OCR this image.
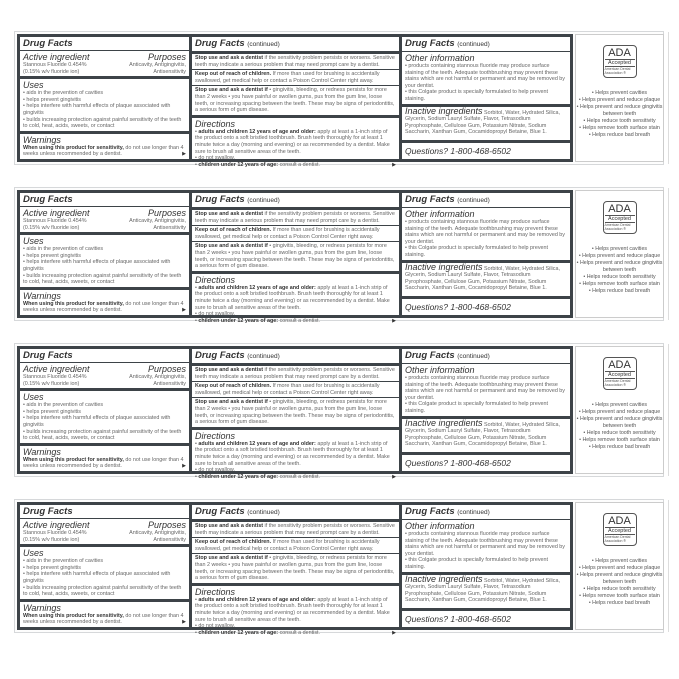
Drug Facts
Active ingredient	Purposes

Stannous Fluoride 0.454%	Anticavity, Antigingivitis,

(0.15% w/v fluoride ion)	Antisensitivity

Uses
• aids in the prevention of cavities
• helps prevent gingivitis
• helps interfere with harmful effects of plaque associated with gingivitis
• builds increasing protection against painful sensitivity of the teeth to cold, heat, acids, sweets, or contact
Warnings

When using this product for sensitivity, do not use longer than 4 weeks unless recommended by a dentist.	▶

Drug Facts (continued)

Stop use and ask a dentist if the sensitivity problem persists or worsens. Sensitive teeth may indicate a serious problem that may need prompt care by a dentist.

Keep out of reach of children. If more than used for brushing is accidentally swallowed, get medical help or contact a Poison Control Center right away.

Stop use and ask a dentist if • gingivitis, bleeding, or redness persists for more than 2 weeks • you have painful or swollen gums, pus from the gum line, loose teeth, or increasing spacing between the teeth. These may be signs of periodontitis, a serious form of gum disease.

Directions
• adults and children 12 years of age and older: apply at least a 1-inch strip of the product onto a soft bristled toothbrush. Brush teeth thoroughly for at least 1 minute twice a day (morning and evening) or as recommended by a dentist. Make sure to brush all sensitive areas of the teeth.
• do not swallow.
• children under 12 years of age: consult a dentist.	▶
Drug Facts (continued)
Other information
• products containing stannous fluoride may produce surface staining of the teeth. Adequate toothbrushing may prevent these stains which are not harmful or permanent and may be removed by your dentist.
• this Colgate product is specially formulated to help prevent staining.

Inactive ingredients Sorbitol, Water, Hydrated Silica, Glycerin, Sodium Lauryl Sulfate, Flavor, Tetrasodium Pyrophosphate, Cellulose Gum, Potassium Nitrate, Sodium Saccharin, Xanthan Gum, Cocamidopropyl Betaine, Blue 1.

Questions? 1-800-468-6502
ADA
Accepted
American Dental Association ®
• Helps prevent cavities
• Helps prevent and reduce plaque
• Helps prevent and reduce gingivitis between teeth
• Helps reduce tooth sensitivity
• Helps remove tooth surface stain
• Helps reduce bad breath
Drug Facts
Active ingredient	Purposes

Stannous Fluoride 0.454%	Anticavity, Antigingivitis,

(0.15% w/v fluoride ion)	Antisensitivity

Uses
• aids in the prevention of cavities
• helps prevent gingivitis
• helps interfere with harmful effects of plaque associated with gingivitis
• builds increasing protection against painful sensitivity of the teeth to cold, heat, acids, sweets, or contact
Warnings

When using this product for sensitivity, do not use longer than 4 weeks unless recommended by a dentist.	▶

Drug Facts (continued)

Stop use and ask a dentist if the sensitivity problem persists or worsens. Sensitive teeth may indicate a serious problem that may need prompt care by a dentist.

Keep out of reach of children. If more than used for brushing is accidentally swallowed, get medical help or contact a Poison Control Center right away.

Stop use and ask a dentist if • gingivitis, bleeding, or redness persists for more than 2 weeks • you have painful or swollen gums, pus from the gum line, loose teeth, or increasing spacing between the teeth. These may be signs of periodontitis, a serious form of gum disease.

Directions
• adults and children 12 years of age and older: apply at least a 1-inch strip of the product onto a soft bristled toothbrush. Brush teeth thoroughly for at least 1 minute twice a day (morning and evening) or as recommended by a dentist. Make sure to brush all sensitive areas of the teeth.
• do not swallow.
• children under 12 years of age: consult a dentist.	▶
Drug Facts (continued)
Other information
• products containing stannous fluoride may produce surface staining of the teeth. Adequate toothbrushing may prevent these stains which are not harmful or permanent and may be removed by your dentist.
• this Colgate product is specially formulated to help prevent staining.

Inactive ingredients Sorbitol, Water, Hydrated Silica, Glycerin, Sodium Lauryl Sulfate, Flavor, Tetrasodium Pyrophosphate, Cellulose Gum, Potassium Nitrate, Sodium Saccharin, Xanthan Gum, Cocamidopropyl Betaine, Blue 1.

Questions? 1-800-468-6502
ADA
Accepted
American Dental Association ®
• Helps prevent cavities
• Helps prevent and reduce plaque
• Helps prevent and reduce gingivitis between teeth
• Helps reduce tooth sensitivity
• Helps remove tooth surface stain
• Helps reduce bad breath
Drug Facts
Active ingredient	Purposes

Stannous Fluoride 0.454%	Anticavity, Antigingivitis,

(0.15% w/v fluoride ion)	Antisensitivity

Uses
• aids in the prevention of cavities
• helps prevent gingivitis
• helps interfere with harmful effects of plaque associated with gingivitis
• builds increasing protection against painful sensitivity of the teeth to cold, heat, acids, sweets, or contact
Warnings

When using this product for sensitivity, do not use longer than 4 weeks unless recommended by a dentist.	▶

Drug Facts (continued)

Stop use and ask a dentist if the sensitivity problem persists or worsens. Sensitive teeth may indicate a serious problem that may need prompt care by a dentist.

Keep out of reach of children. If more than used for brushing is accidentally swallowed, get medical help or contact a Poison Control Center right away.

Stop use and ask a dentist if • gingivitis, bleeding, or redness persists for more than 2 weeks • you have painful or swollen gums, pus from the gum line, loose teeth, or increasing spacing between the teeth. These may be signs of periodontitis, a serious form of gum disease.

Directions
• adults and children 12 years of age and older: apply at least a 1-inch strip of the product onto a soft bristled toothbrush. Brush teeth thoroughly for at least 1 minute twice a day (morning and evening) or as recommended by a dentist. Make sure to brush all sensitive areas of the teeth.
• do not swallow.
• children under 12 years of age: consult a dentist.	▶
Drug Facts (continued)
Other information
• products containing stannous fluoride may produce surface staining of the teeth. Adequate toothbrushing may prevent these stains which are not harmful or permanent and may be removed by your dentist.
• this Colgate product is specially formulated to help prevent staining.

Inactive ingredients Sorbitol, Water, Hydrated Silica, Glycerin, Sodium Lauryl Sulfate, Flavor, Tetrasodium Pyrophosphate, Cellulose Gum, Potassium Nitrate, Sodium Saccharin, Xanthan Gum, Cocamidopropyl Betaine, Blue 1.

Questions? 1-800-468-6502
ADA
Accepted
American Dental Association ®
• Helps prevent cavities
• Helps prevent and reduce plaque
• Helps prevent and reduce gingivitis between teeth
• Helps reduce tooth sensitivity
• Helps remove tooth surface stain
• Helps reduce bad breath
Drug Facts
Active ingredient	Purposes

Stannous Fluoride 0.454%	Anticavity, Antigingivitis,

(0.15% w/v fluoride ion)	Antisensitivity

Uses
• aids in the prevention of cavities
• helps prevent gingivitis
• helps interfere with harmful effects of plaque associated with gingivitis
• builds increasing protection against painful sensitivity of the teeth to cold, heat, acids, sweets, or contact
Warnings

When using this product for sensitivity, do not use longer than 4 weeks unless recommended by a dentist.	▶

Drug Facts (continued)

Stop use and ask a dentist if the sensitivity problem persists or worsens. Sensitive teeth may indicate a serious problem that may need prompt care by a dentist.

Keep out of reach of children. If more than used for brushing is accidentally swallowed, get medical help or contact a Poison Control Center right away.

Stop use and ask a dentist if • gingivitis, bleeding, or redness persists for more than 2 weeks • you have painful or swollen gums, pus from the gum line, loose teeth, or increasing spacing between the teeth. These may be signs of periodontitis, a serious form of gum disease.

Directions
• adults and children 12 years of age and older: apply at least a 1-inch strip of the product onto a soft bristled toothbrush. Brush teeth thoroughly for at least 1 minute twice a day (morning and evening) or as recommended by a dentist. Make sure to brush all sensitive areas of the teeth.
• do not swallow.
• children under 12 years of age: consult a dentist.	▶
Drug Facts (continued)
Other information
• products containing stannous fluoride may produce surface staining of the teeth. Adequate toothbrushing may prevent these stains which are not harmful or permanent and may be removed by your dentist.
• this Colgate product is specially formulated to help prevent staining.

Inactive ingredients Sorbitol, Water, Hydrated Silica, Glycerin, Sodium Lauryl Sulfate, Flavor, Tetrasodium Pyrophosphate, Cellulose Gum, Potassium Nitrate, Sodium Saccharin, Xanthan Gum, Cocamidopropyl Betaine, Blue 1.

Questions? 1-800-468-6502
ADA
Accepted
American Dental Association ®
• Helps prevent cavities
• Helps prevent and reduce plaque
• Helps prevent and reduce gingivitis between teeth
• Helps reduce tooth sensitivity
• Helps remove tooth surface stain
• Helps reduce bad breath
